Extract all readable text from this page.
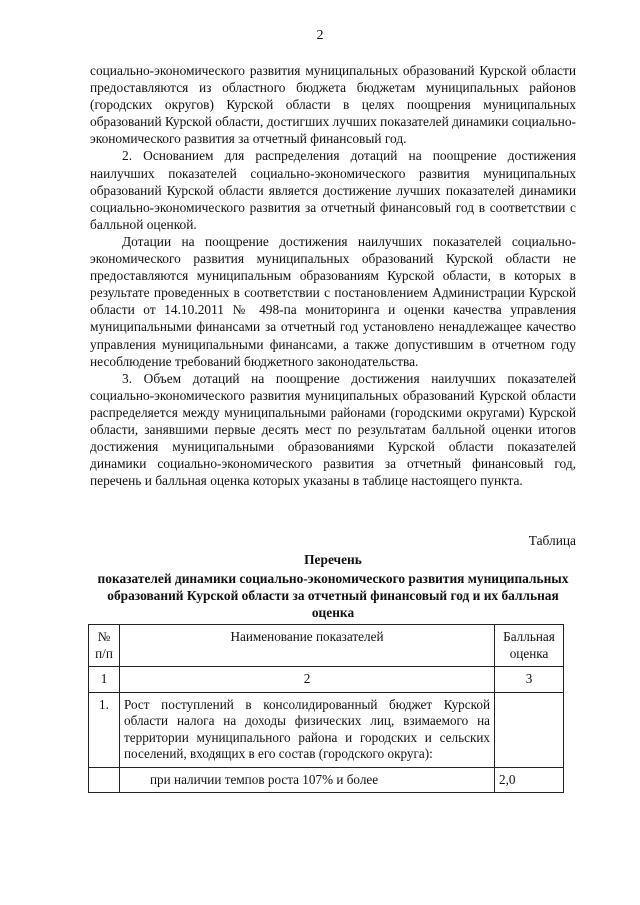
2

социально-экономического развития муниципальных образований Курской области предоставляются из областного бюджета бюджетам муниципальных районов (городских округов) Курской области в целях поощрения муниципальных образований Курской области, достигших лучших показателей динамики социально-экономического развития за отчетный финансовый год.

2. Основанием для распределения дотаций на поощрение достижения наилучших показателей социально-экономического развития муниципальных образований Курской области является достижение лучших показателей динамики социально-экономического развития за отчетный финансовый год в соответствии с балльной оценкой.

Дотации на поощрение достижения наилучших показателей социально-экономического развития муниципальных образований Курской области не предоставляются муниципальным образованиям Курской области, в которых в результате проведенных в соответствии с постановлением Администрации Курской области от 14.10.2011 № 498-па мониторинга и оценки качества управления муниципальными финансами за отчетный год установлено ненадлежащее качество управления муниципальными финансами, а также допустившим в отчетном году несоблюдение требований бюджетного законодательства.

3. Объем дотаций на поощрение достижения наилучших показателей социально-экономического развития муниципальных образований Курской области распределяется между муниципальными районами (городскими округами) Курской области, занявшими первые десять мест по результатам балльной оценки итогов достижения муниципальными образованиями Курской области показателей динамики социально-экономического развития за отчетный финансовый год, перечень и балльная оценка которых указаны в таблице настоящего пункта.

Таблица

Перечень

показателей динамики социально-экономического развития муниципальных образований Курской области за отчетный финансовый год и их балльная оценка

№ п/п	Наименование показателей	Балльная оценка
1	2	3
1.	Рост поступлений в консолидированный бюджет Курской области налога на доходы физических лиц, взимаемого на территории муниципального района и городских и сельских поселений, входящих в его состав (городского округа):	
	при наличии темпов роста 107% и более	2,0
